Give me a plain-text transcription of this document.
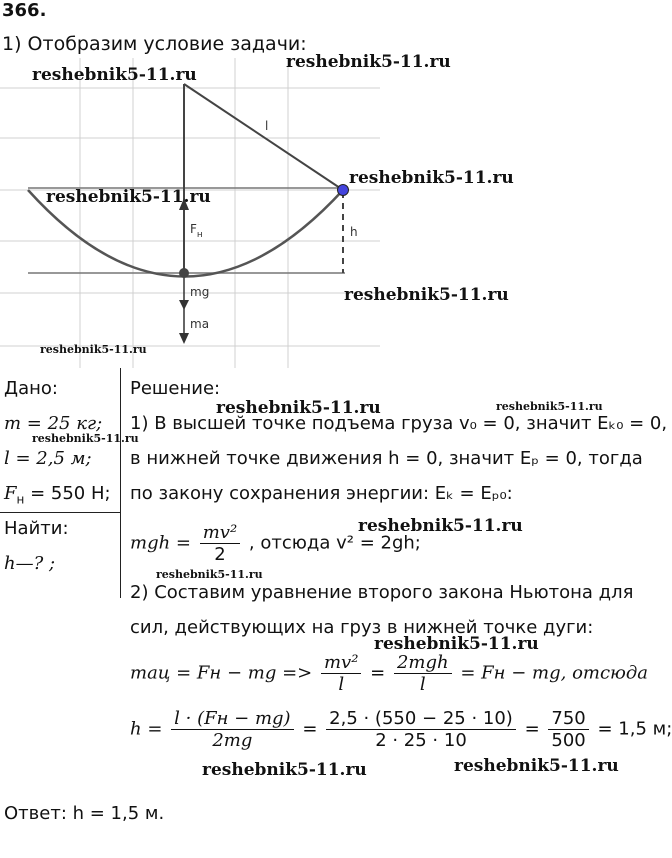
366.
1) Отобразим условие задачи:
l
$F_н$	h
mg
ma
reshebnik5-11.ru
reshebnik5-11.ru
reshebnik5-11.ru
reshebnik5-11.ru
reshebnik5-11.ru
reshebnik5-11.ru
Дано:
m = 25 кг;
l = 2,5 м;
$F_н = 550$ Н;
Найти:
h—? ;
Решение:
1) В высшей точке подъема груза v₀ = 0, значит Eₖ₀ = 0,
в нижней точке движения h = 0, значит Eₚ = 0, тогда
по закону сохранения энергии: Eₖ = Eₚ₀:
mgh = $\frac{\text{mv²}}{2}$ , отсюда v² = 2gh;
2) Составим уравнение второго закона Ньютона для
сил, действующих на груз в нижней точке дуги:
maц = Fн − mg => $\frac{\text{mv²}}{l} = \frac{\text{2mgh}}{l}$ = Fн − mg, отсюда
$h = \frac{l \cdot (Fн - mg)}{2mg} = \frac{2,5 \cdot (550 - 25 \cdot 10)}{2 \cdot 25 \cdot 10} = \frac{750}{500} = 1,5$ м;
reshebnik5-11.ru	reshebnik5-11.ru
reshebnik5-11.ru
reshebnik5-11.ru
reshebnik5-11.ru
reshebnik5-11.ru
reshebnik5-11.ru	reshebnik5-11.ru
Ответ: h = 1,5 м.
